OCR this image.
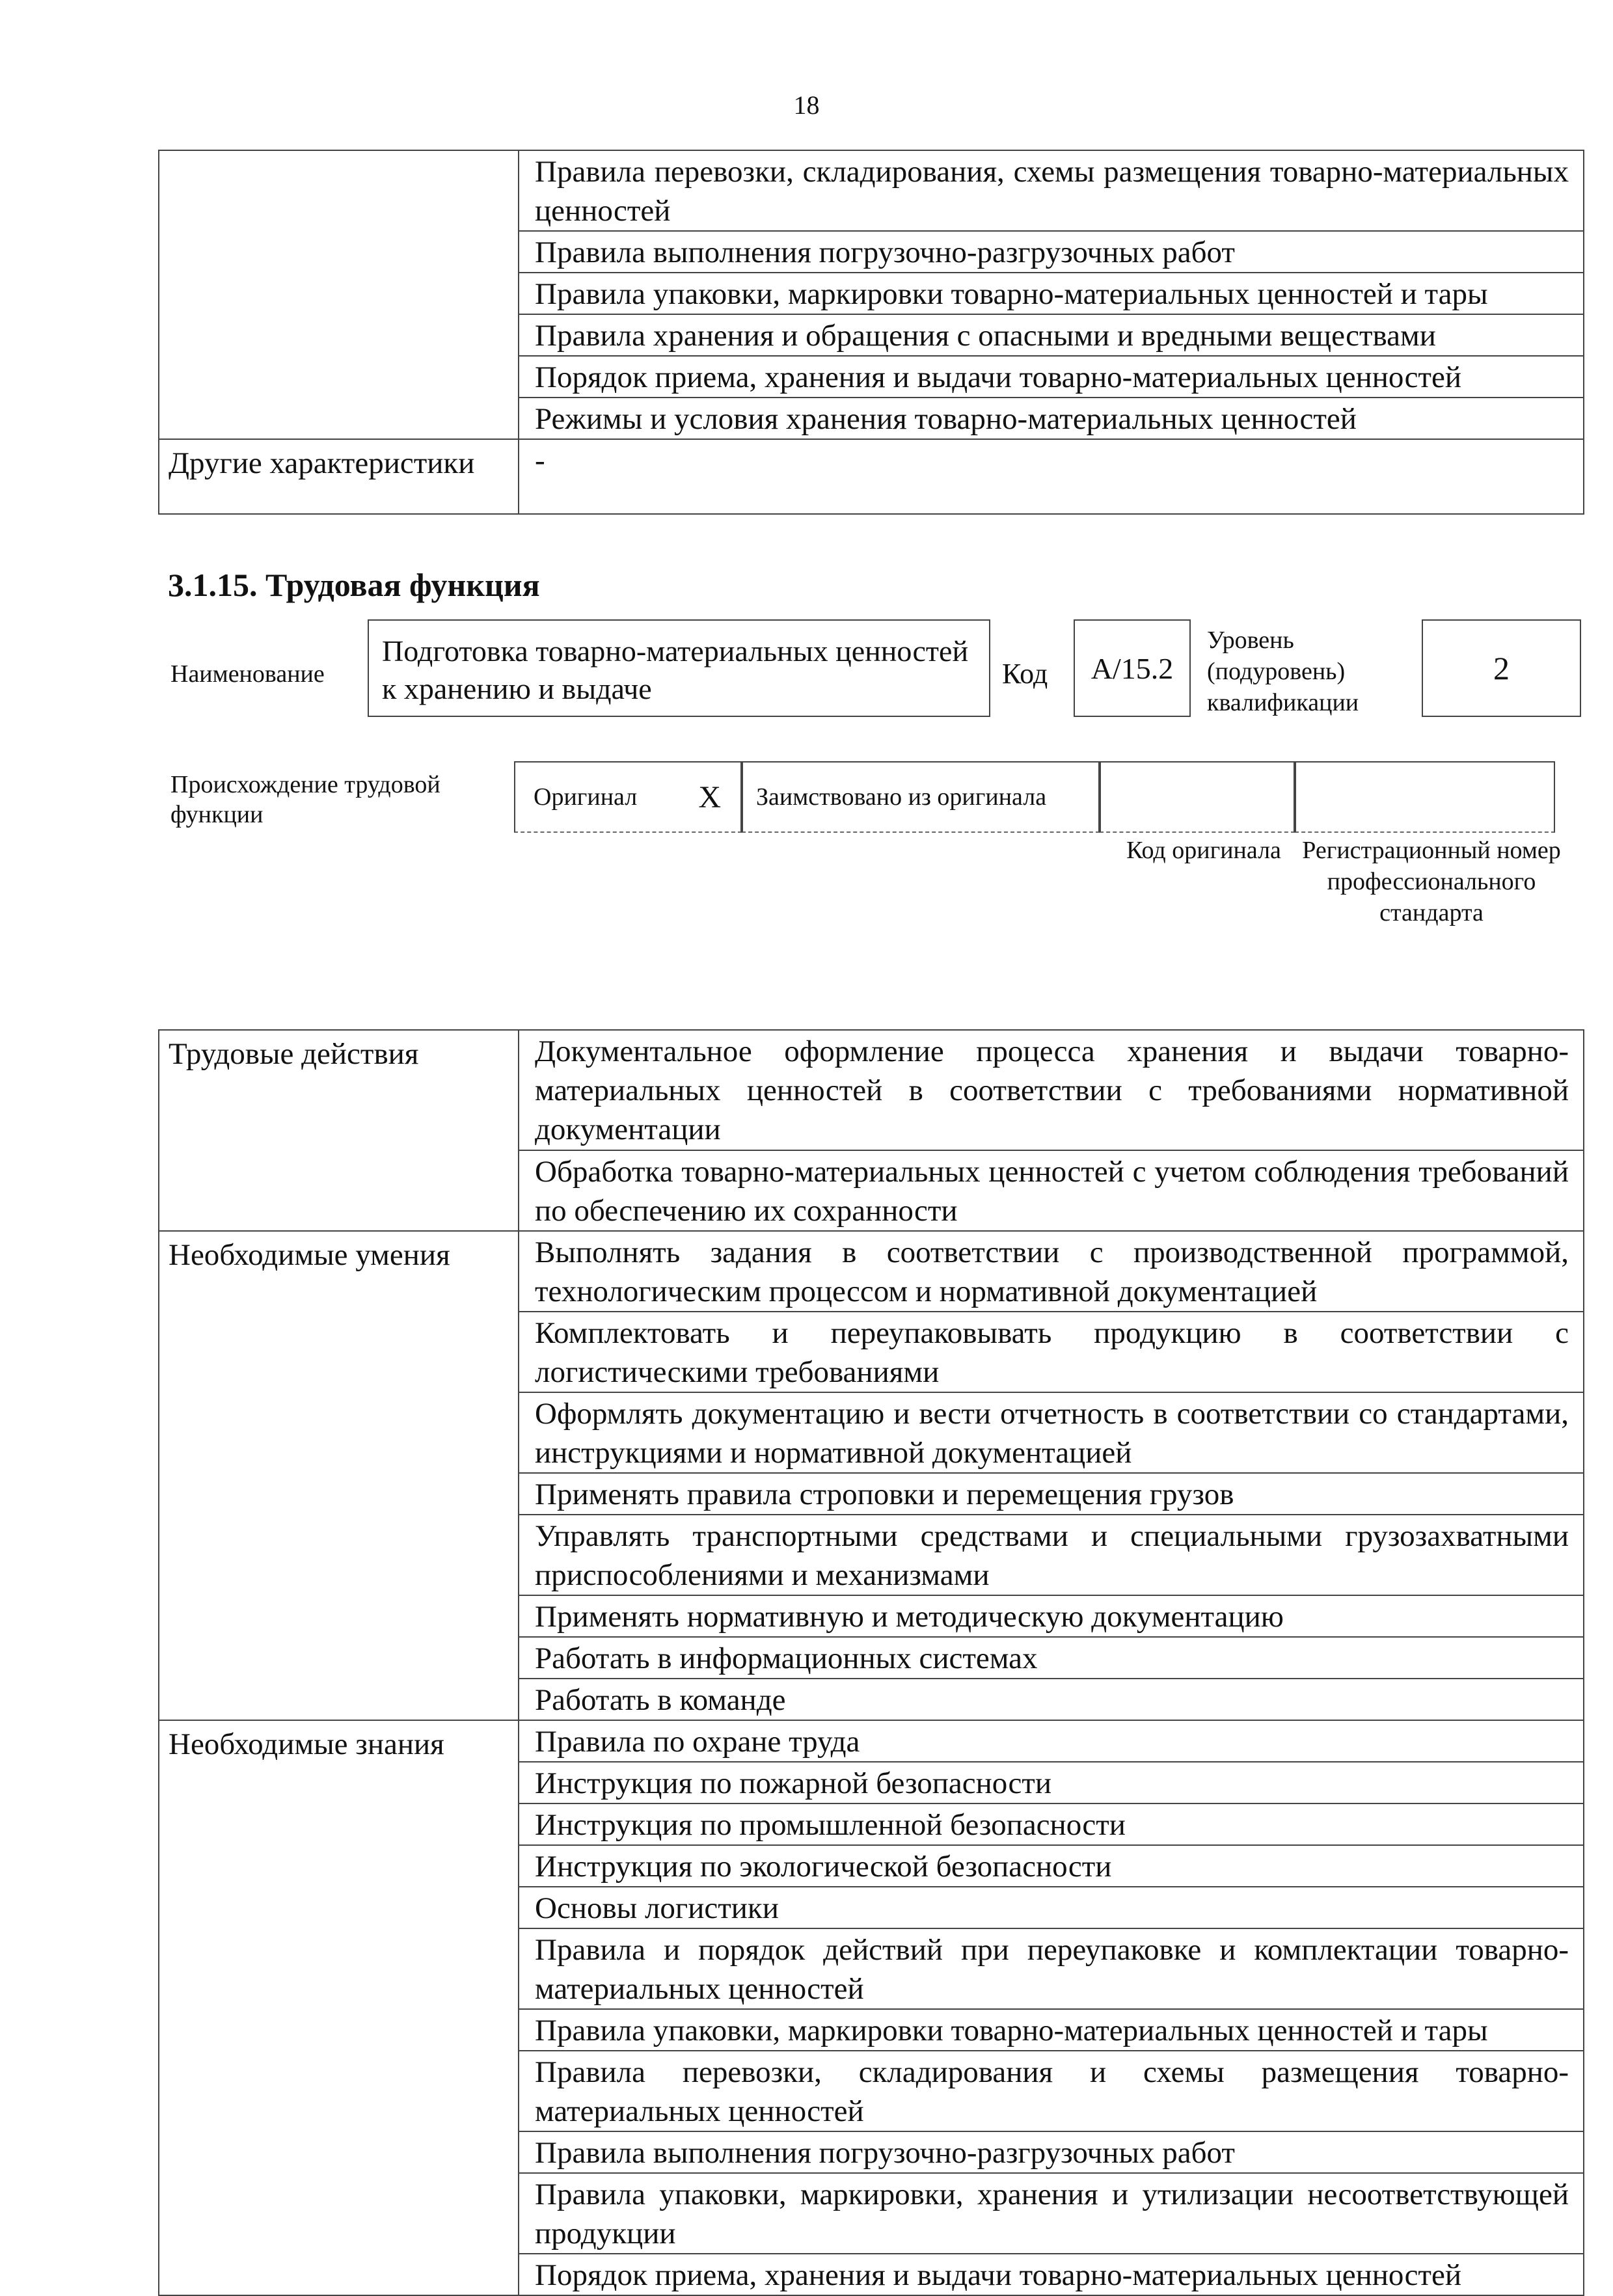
18
	Правила перевозки, складирования, схемы размещения товарно-материальных ценностей
	Правила выполнения погрузочно-разгрузочных работ
	Правила упаковки, маркировки товарно-материальных ценностей и тары
	Правила хранения и обращения с опасными и вредными веществами
	Порядок приема, хранения и выдачи товарно-материальных ценностей
	Режимы и условия хранения товарно-материальных ценностей
Другие характеристики	-
3.1.15. Трудовая функция
Наименование
Подготовка товарно-материальных ценностей к хранению и выдаче	Код	A/15.2
Уровень (подуровень) квалификации
2
Происхождение трудовой функции
Оригинал X	Заимствовано из оригинала
Код оригинала Регистрационный номер профессионального стандарта
Трудовые действия	Документальное оформление процесса хранения и выдачи товарно-материальных ценностей в соответствии с требованиями нормативной документации
	Обработка товарно-материальных ценностей с учетом соблюдения требований по обеспечению их сохранности
Необходимые умения	Выполнять задания в соответствии с производственной программой, технологическим процессом и нормативной документацией
	Комплектовать и переупаковывать продукцию в соответствии с логистическими требованиями
	Оформлять документацию и вести отчетность в соответствии со стандартами, инструкциями и нормативной документацией
	Применять правила строповки и перемещения грузов
	Управлять транспортными средствами и специальными грузозахватными приспособлениями и механизмами
	Применять нормативную и методическую документацию
	Работать в информационных системах
	Работать в команде
Необходимые знания	Правила по охране труда
	Инструкция по пожарной безопасности
	Инструкция по промышленной безопасности
	Инструкция по экологической безопасности
	Основы логистики
	Правила и порядок действий при переупаковке и комплектации товарно-материальных ценностей
	Правила упаковки, маркировки товарно-материальных ценностей и тары
	Правила перевозки, складирования и схемы размещения товарно-материальных ценностей
	Правила выполнения погрузочно-разгрузочных работ
	Правила упаковки, маркировки, хранения и утилизации несоответствующей продукции
	Порядок приема, хранения и выдачи товарно-материальных ценностей
